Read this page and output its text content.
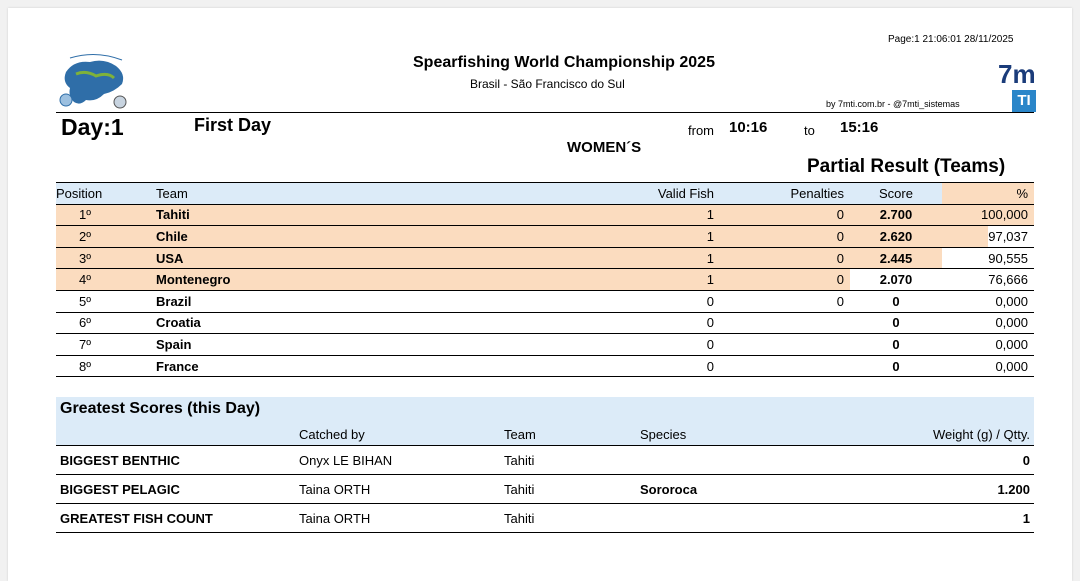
Page:1 21:06:01 28/11/2025
Spearfishing World Championship 2025
Brasil - São Francisco do Sul
by 7mti.com.br - @7mti_sistemas
7m
TI
Day:1	First Day	from 10:16	to 15:16
WOMEN´S
Partial Result (Teams)
Position	Team	Valid Fish	Penalties	Score	%
1º	Tahiti	1	0	2.700	100,000
2º	Chile	1	0	2.620	97,037
3º	USA	1	0	2.445	90,555
4º	Montenegro	1	0	2.070	76,666
5º	Brazil	0	0	0	0,000
6º	Croatia	0		0	0,000
7º	Spain	0		0	0,000
8º	France	0		0	0,000
Greatest Scores (this Day)
	Catched by	Team	Species	Weight (g) / Qtty.
BIGGEST BENTHIC	Onyx LE BIHAN	Tahiti		0
BIGGEST PELAGIC	Taina ORTH	Tahiti	Sororoca	1.200
GREATEST FISH COUNT	Taina ORTH	Tahiti		1
